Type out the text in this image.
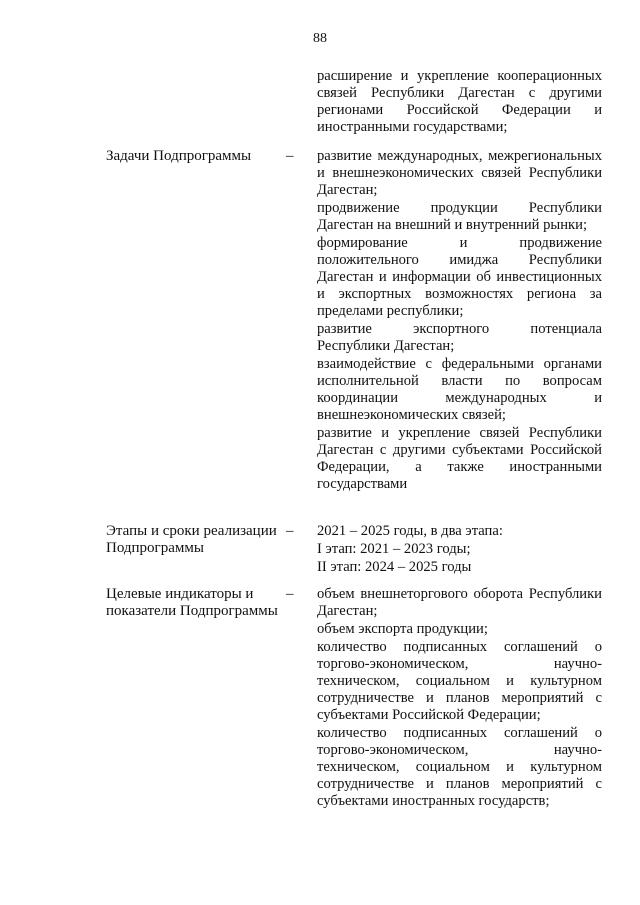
88

расширение и укрепление кооперационных связей Республики Дагестан с другими регионами Российской Федерации и иностранными государствами;

Задачи Подпрограммы	–	развитие международных, межрегиональных и внешнеэкономических связей Республики Дагестан;

продвижение продукции Республики Дагестан на внешний и внутренний рынки;

формирование и продвижение положительного имиджа Республики Дагестан и информации об инвестиционных и экспортных возможностях региона за пределами республики;

развитие экспортного потенциала Республики Дагестан;

взаимодействие с федеральными органами исполнительной власти по вопросам координации международных и внешнеэкономических связей;

развитие и укрепление связей Республики Дагестан с другими субъектами Российской Федерации, а также иностранными государствами

Этапы и сроки реализации
Подпрограммы
–	2021 – 2025 годы, в два этапа:

I этап: 2021 – 2023 годы;

II этап: 2024 – 2025 годы

Целевые индикаторы и
показатели Подпрограммы
–	объем внешнеторгового оборота Республики Дагестан;

объем экспорта продукции;

количество подписанных соглашений о торгово-экономическом, научно-техническом, социальном и культурном сотрудничестве и планов мероприятий с субъектами Российской Федерации;

количество подписанных соглашений о торгово-экономическом, научно-техническом, социальном и культурном сотрудничестве и планов мероприятий с субъектами иностранных государств;
